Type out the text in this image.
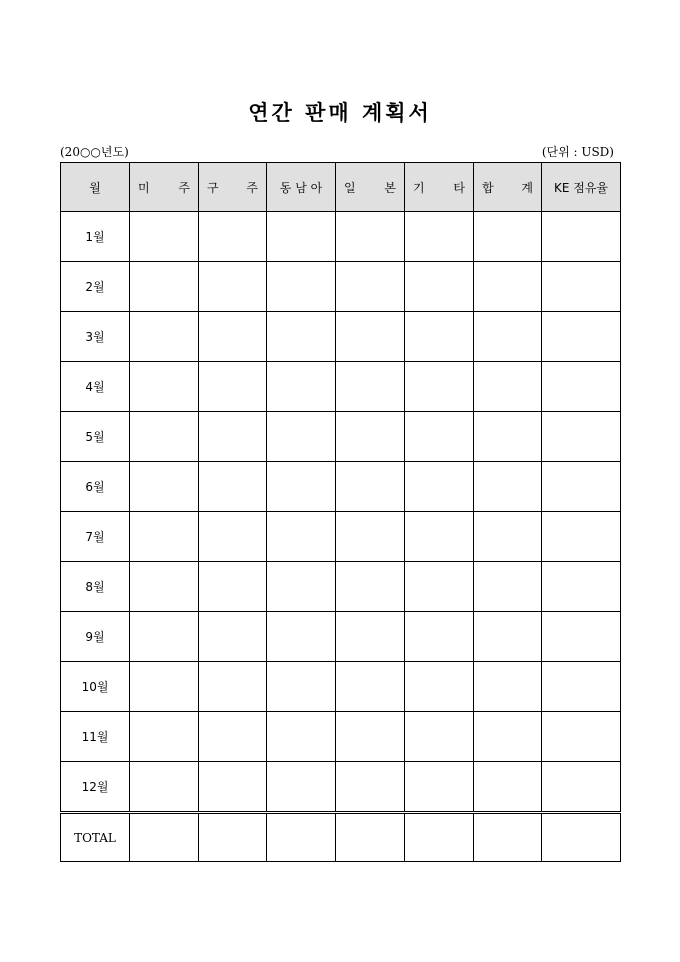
연간 판매 계획서
(20○○년도)	(단위 : USD)
월	미 주	구 주	동 남 아	일 본	기 타	합 계	KE 점유율
1월							
2월							
3월							
4월							
5월							
6월							
7월							
8월							
9월							
10월							
11월							
12월							
TOTAL							
